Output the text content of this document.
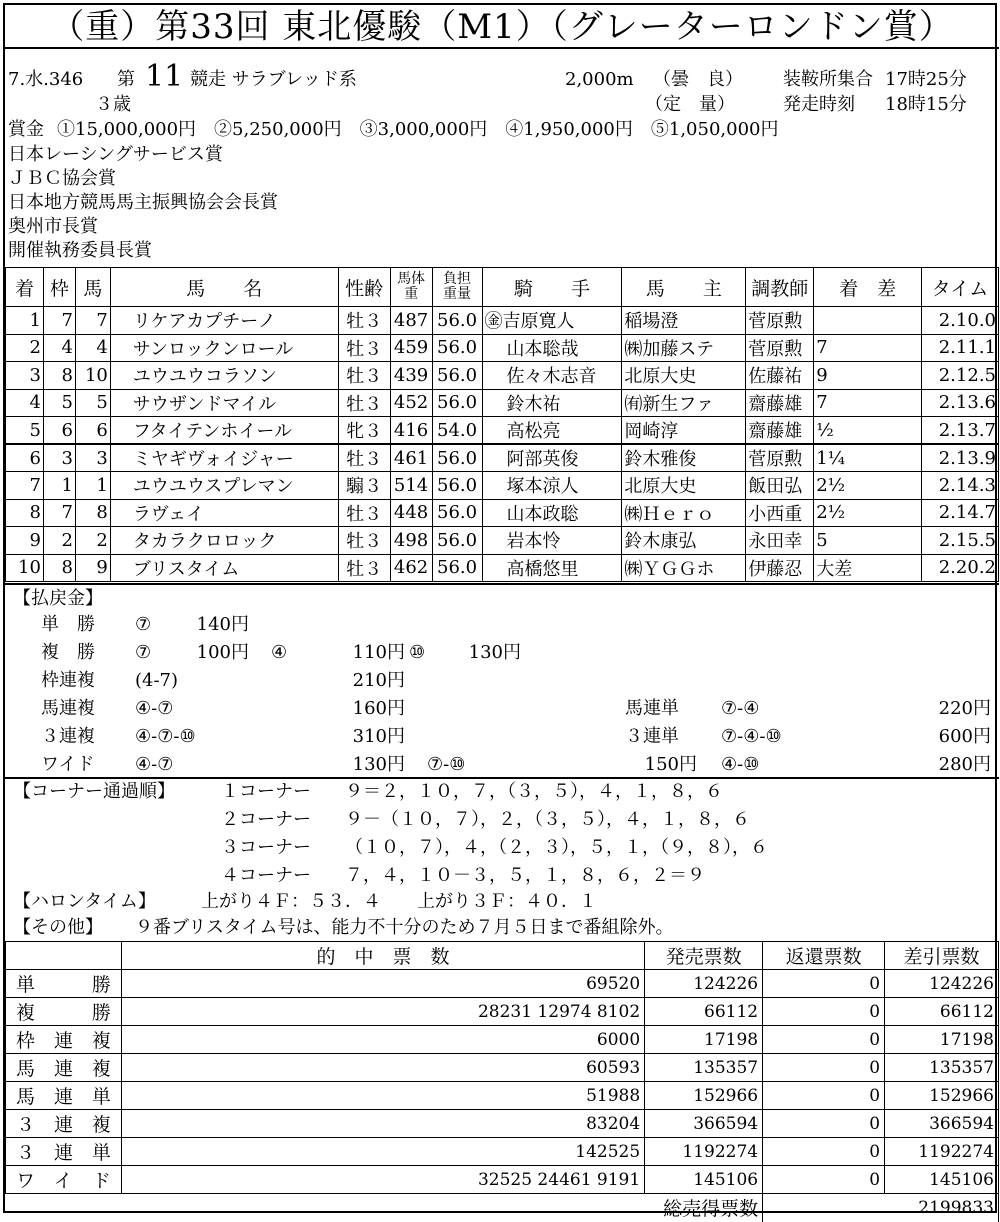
（重）第33回 東北優駿（M1）（グレーターロンドン賞）
7.水.346 第 11 競走 サラブレッド系
３歳
2,000m （曇　良）
（定　量）
装鞍所集合 17時25分
発走時刻 18時15分
賞金 ①15,000,000円　②5,250,000円　③3,000,000円　④1,950,000円　⑤1,050,000円
日本レーシングサービス賞
ＪＢＣ協会賞
日本地方競馬馬主振興協会会長賞
奥州市長賞
開催執務委員長賞
着	枠	馬	馬　　名	性齢	馬体重	負担重量	騎　　手	馬　　主	調教師	着　差	タイム
1	7	7	リケアカプチーノ	牡３	487	56.0	㊎吉原寛人	稲場澄	菅原勲		2.10.0
2	4	4	サンロックンロール	牡３	459	56.0	山本聡哉	㈱加藤ステ	菅原勲	7	2.11.1
3	8	10	ユウユウコラソン	牡３	439	56.0	佐々木志音	北原大史	佐藤祐	9	2.12.5
4	5	5	サウザンドマイル	牡３	452	56.0	鈴木祐	㈲新生ファ	齋藤雄	7	2.13.6
5	6	6	フタイテンホイール	牝３	416	54.0	高松亮	岡崎淳	齋藤雄	½	2.13.7
6	3	3	ミヤギヴォイジャー	牡３	461	56.0	阿部英俊	鈴木雅俊	菅原勲	1¼	2.13.9
7	1	1	ユウユウスプレマン	騸３	514	56.0	塚本涼人	北原大史	飯田弘	2½	2.14.3
8	7	8	ラヴェイ	牡３	448	56.0	山本政聡	㈱Ｈｅｒｏ	小西重	2½	2.14.7
9	2	2	タカラクロロック	牡３	498	56.0	岩本怜	鈴木康弘	永田幸	5	2.15.5
10	8	9	ブリスタイム	牡３	462	56.0	高橋悠里	㈱ＹＧＧホ	伊藤忍	大差	2.20.2
【払戻金】
単　勝 ⑦	140円
複　勝 ⑦	100円 ④	110円 ⑩	130円
枠連複 (4-7)	210円
馬連複 ④-⑦	160円	馬連単 ⑦-④	220円
３連複 ④-⑦-⑩	310円	３連単 ⑦-④-⑩	600円
ワイド ④-⑦	130円 ⑦-⑩	150円 ④-⑩	280円
【コーナー通過順】	１コーナー ９＝２，１０，７，（３，５），４，１，８，６
２コーナー ９－（１０，７），２，（３，５），４，１，８，６
３コーナー （１０，７），４，（２，３），５，１，（９，８），６
４コーナー ７，４，１０－３，５，１，８，６，２＝９
【ハロンタイム】	上がり４Ｆ：５３．４　　上がり３Ｆ：４０．１
【その他】 ９番ブリスタイム号は、能力不十分のため７月５日まで番組除外。
	的　中　票　数	発売票数	返還票数	差引票数
単　勝	69520	124226	0	124226
複　勝	28231 12974 8102	66112	0	66112
枠連複	6000	17198	0	17198
馬連複	60593	135357	0	135357
馬連単	51988	152966	0	152966
３連複	83204	366594	0	366594
３連単	142525	1192274	0	1192274
ワイド	32525 24461 9191	145106	0	145106
総売得票数			2199833	
